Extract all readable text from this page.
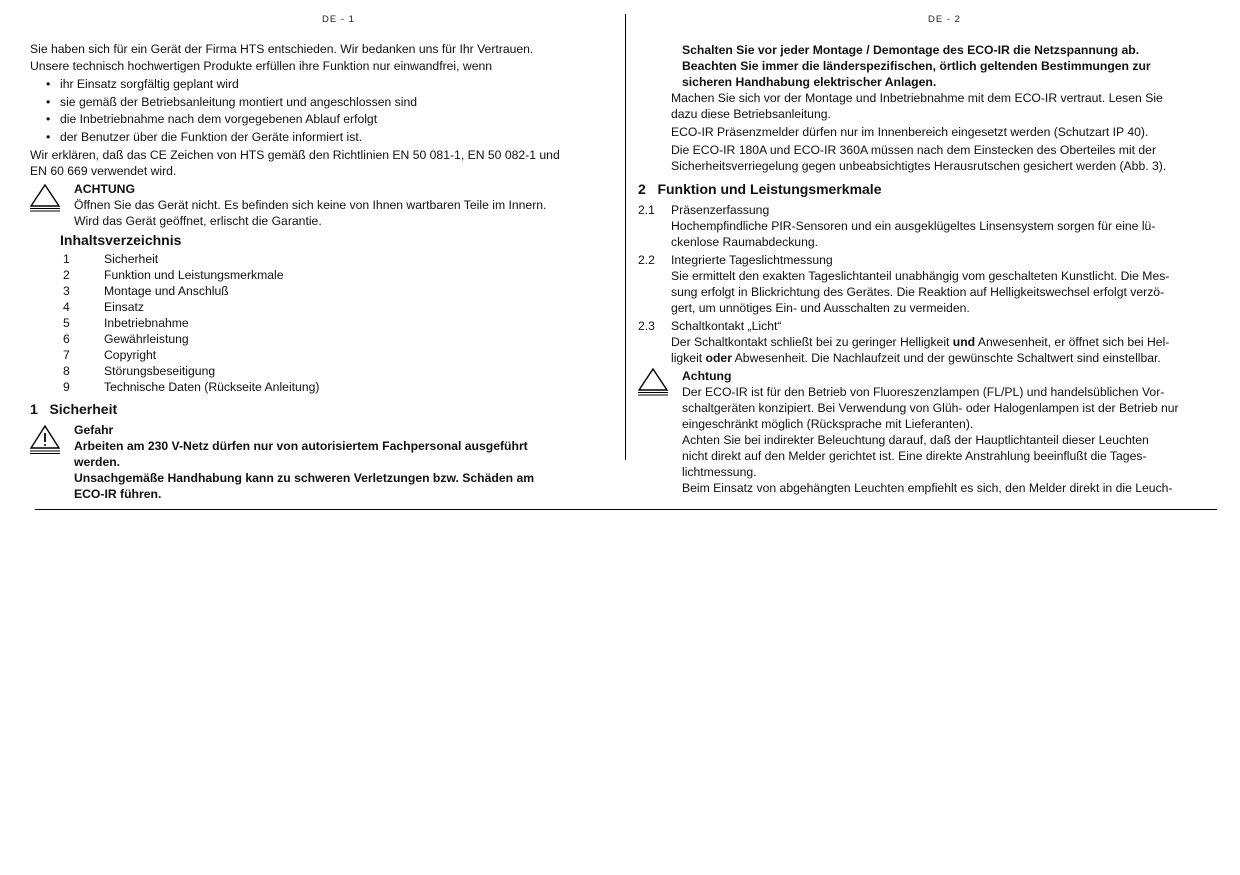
DE - 1	DE - 2
Sie haben sich für ein Gerät der Firma HTS entschieden. Wir bedanken uns für Ihr Vertrauen.
Unsere technisch hochwertigen Produkte erfüllen ihre Funktion nur einwandfrei, wenn
• ihr Einsatz sorgfältig geplant wird
• sie gemäß der Betriebsanleitung montiert und angeschlossen sind
• die Inbetriebnahme nach dem vorgegebenen Ablauf erfolgt
• der Benutzer über die Funktion der Geräte informiert ist.
Wir erklären, daß das CE Zeichen von HTS gemäß den Richtlinien EN 50 081-1, EN 50 082-1 und
EN 60 669 verwendet wird.
ACHTUNG
Öffnen Sie das Gerät nicht. Es befinden sich keine von Ihnen wartbaren Teile im Innern.
Wird das Gerät geöffnet, erlischt die Garantie.
Inhaltsverzeichnis
1	Sicherheit
2	Funktion und Leistungsmerkmale
3	Montage und Anschluß
4	Einsatz
5	Inbetriebnahme
6	Gewährleistung
7	Copyright
8	Störungsbeseitigung
9	Technische Daten (Rückseite Anleitung)
1   Sicherheit
Gefahr
Arbeiten am 230 V-Netz dürfen nur von autorisiertem Fachpersonal ausgeführt
werden.
Unsachgemäße Handhabung kann zu schweren Verletzungen bzw. Schäden am
ECO-IR führen.
Schalten Sie vor jeder Montage / Demontage des ECO-IR die Netzspannung ab.
Beachten Sie immer die länderspezifischen, örtlich geltenden Bestimmungen zur
sicheren Handhabung elektrischer Anlagen.
Machen Sie sich vor der Montage und Inbetriebnahme mit dem ECO-IR vertraut. Lesen Sie
dazu diese Betriebsanleitung.
ECO-IR Präsenzmelder dürfen nur im Innenbereich eingesetzt werden (Schutzart IP 40).
Die ECO-IR 180A und ECO-IR 360A müssen nach dem Einstecken des Oberteiles mit der
Sicherheitsverriegelung gegen unbeabsichtigtes Herausrutschen gesichert werden (Abb. 3).
2   Funktion und Leistungsmerkmale
2.1 Präsenzerfassung
Hochempfindliche PIR-Sensoren und ein ausgeklügeltes Linsensystem sorgen für eine lü-
ckenlose Raumabdeckung.
2.2 Integrierte Tageslichtmessung
Sie ermittelt den exakten Tageslichtanteil unabhängig vom geschalteten Kunstlicht. Die Mes-
sung erfolgt in Blickrichtung des Gerätes. Die Reaktion auf Helligkeitswechsel erfolgt verzö-
gert, um unnötiges Ein- und Ausschalten zu vermeiden.
2.3 Schaltkontakt „Licht“
Der Schaltkontakt schließt bei zu geringer Helligkeit und Anwesenheit, er öffnet sich bei Hel-
ligkeit oder Abwesenheit. Die Nachlaufzeit und der gewünschte Schaltwert sind einstellbar.
Achtung
Der ECO-IR ist für den Betrieb von Fluoreszenzlampen (FL/PL) und handelsüblichen Vor-
schaltgeräten konzipiert. Bei Verwendung von Glüh- oder Halogenlampen ist der Betrieb nur
eingeschränkt möglich (Rücksprache mit Lieferanten).
Achten Sie bei indirekter Beleuchtung darauf, daß der Hauptlichtanteil dieser Leuchten
nicht direkt auf den Melder gerichtet ist. Eine direkte Anstrahlung beeinflußt die Tages-
lichtmessung.
Beim Einsatz von abgehängten Leuchten empfiehlt es sich, den Melder direkt in die Leuch-
